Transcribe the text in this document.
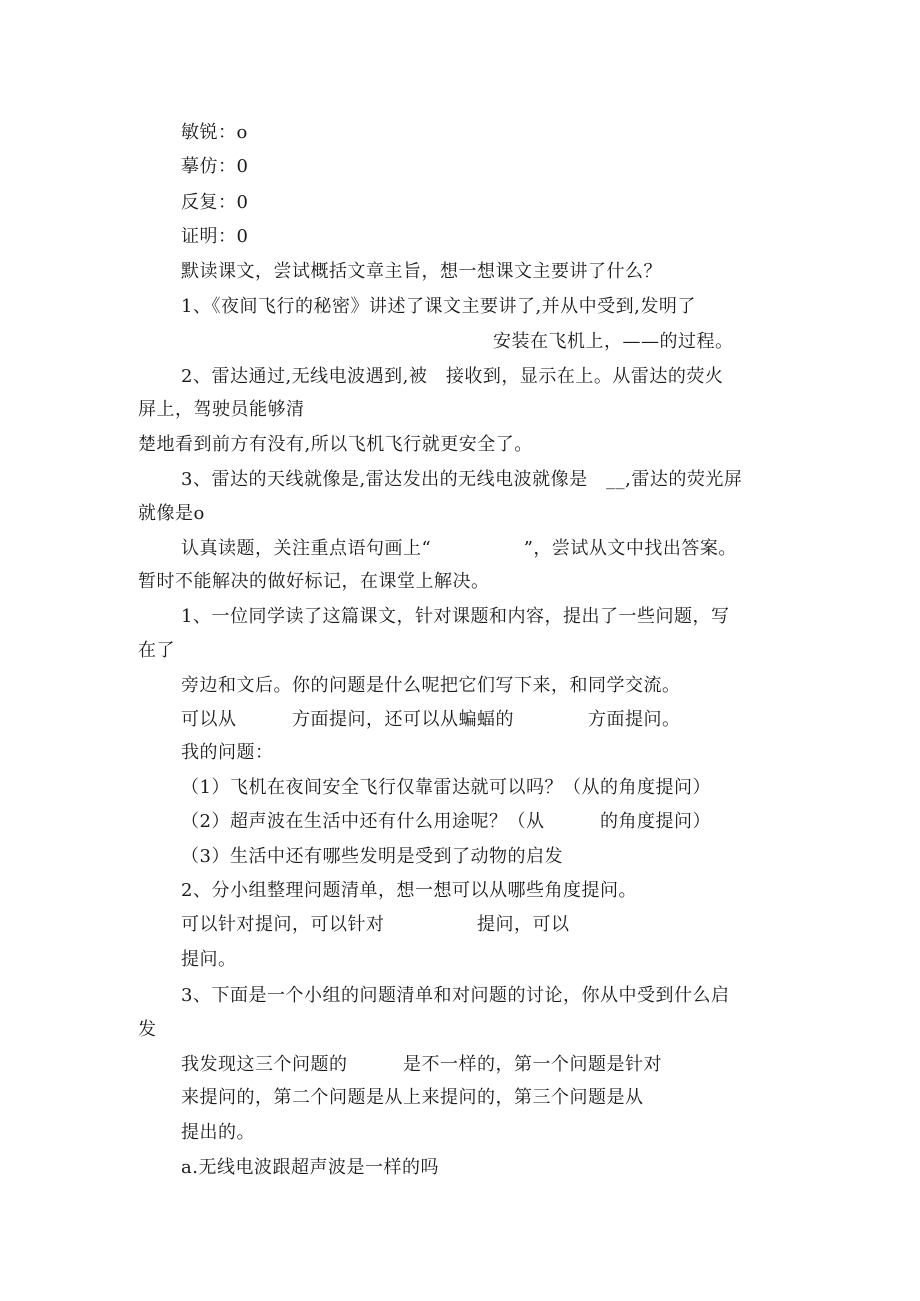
敏锐：o
摹仿：0
反复：0
证明：0
默读课文，尝试概括文章主旨，想一想课文主要讲了什么？
1、《夜间飞行的秘密》讲述了课文主要讲了,并从中受到,发明了
安装在飞机上，——的过程。
2、雷达通过,无线电波遇到,被　接收到，显示在上。从雷达的荧火
屏上，驾驶员能够清
楚地看到前方有没有,所以飞机飞行就更安全了。
3、雷达的天线就像是,雷达发出的无线电波就像是　__,雷达的荧光屏
就像是o
认真读题，关注重点语句画上“　　　　　”，尝试从文中找出答案。
暂时不能解决的做好标记，在课堂上解决。
1、一位同学读了这篇课文，针对课题和内容，提出了一些问题，写
在了
旁边和文后。你的问题是什么呢把它们写下来，和同学交流。
可以从　　　方面提问，还可以从蝙蝠的　　　　方面提问。
我的问题：
（1）飞机在夜间安全飞行仅靠雷达就可以吗？（从的角度提问）
（2）超声波在生活中还有什么用途呢？（从　　　的角度提问）
（3）生活中还有哪些发明是受到了动物的启发
2、分小组整理问题清单，想一想可以从哪些角度提问。
可以针对提问，可以针对　　　　　提问，可以
提问。
3、下面是一个小组的问题清单和对问题的讨论，你从中受到什么启
发
我发现这三个问题的　　　是不一样的，第一个问题是针对
来提问的，第二个问题是从上来提问的，第三个问题是从
提出的。
a.无线电波跟超声波是一样的吗
